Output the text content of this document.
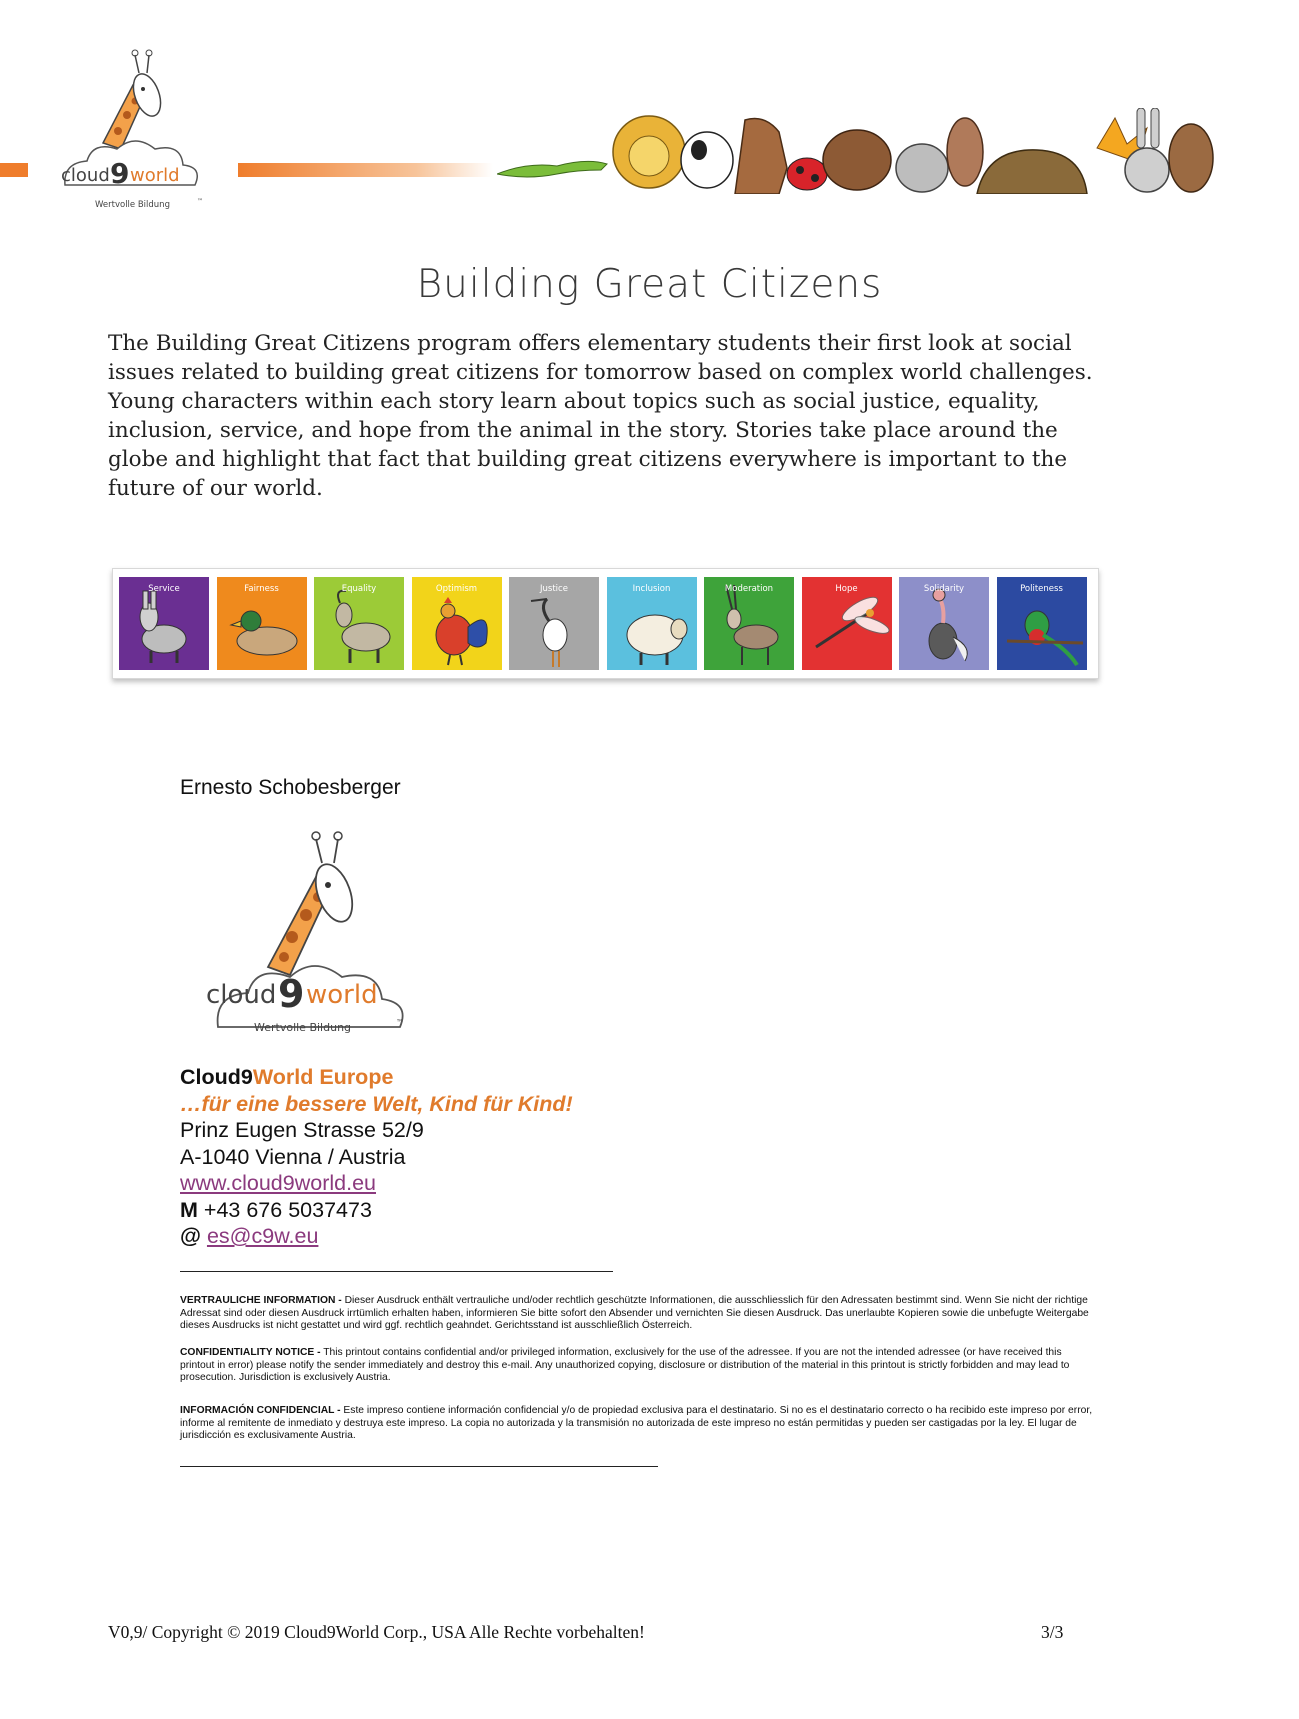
cloud 9 world
Wertvolle Bildung	™
Building Great Citizens

The Building Great Citizens program offers elementary students their first look at social issues related to building great citizens for tomorrow based on complex world challenges. Young characters within each story learn about topics such as social justice, equality, inclusion, service, and hope from the animal in the story. Stories take place around the globe and highlight that fact that building great citizens everywhere is important to the future of our world.

Service	Fairness	Equality	Optimism	Justice	Inclusion	Moderation	Hope	Solidarity	Politeness
Ernesto Schobesberger
cloud 9 world
Wertvolle Bildung	™
Cloud9World Europe
…für eine bessere Welt, Kind für Kind!
Prinz Eugen Strasse 52/9
A-1040 Vienna / Austria
www.cloud9world.eu
M +43 676 5037473
@ es@c9w.eu

VERTRAULICHE INFORMATION - Dieser Ausdruck enthält vertrauliche und/oder rechtlich geschützte Informationen, die ausschliesslich für den Adressaten bestimmt sind. Wenn Sie nicht der richtige Adressat sind oder diesen Ausdruck irrtümlich erhalten haben, informieren Sie bitte sofort den Absender und vernichten Sie diesen Ausdruck. Das unerlaubte Kopieren sowie die unbefugte Weitergabe dieses Ausdrucks ist nicht gestattet und wird ggf. rechtlich geahndet. Gerichtsstand ist ausschließlich Österreich.

CONFIDENTIALITY NOTICE - This printout contains confidential and/or privileged information, exclusively for the use of the adressee. If you are not the intended adressee (or have received this printout in error) please notify the sender immediately and destroy this e-mail. Any unauthorized copying, disclosure or distribution of the material in this printout is strictly forbidden and may lead to prosecution. Jurisdiction is exclusively Austria.

INFORMACIÓN CONFIDENCIAL - Este impreso contiene información confidencial y/o de propiedad exclusiva para el destinatario. Si no es el destinatario correcto o ha recibido este impreso por error, informe al remitente de inmediato y destruya este impreso. La copia no autorizada y la transmisión no autorizada de este impreso no están permitidas y pueden ser castigadas por la ley. El lugar de jurisdicción es exclusivamente Austria.

V0,9/ Copyright © 2019 Cloud9World Corp., USA Alle Rechte vorbehalten!	3/3
